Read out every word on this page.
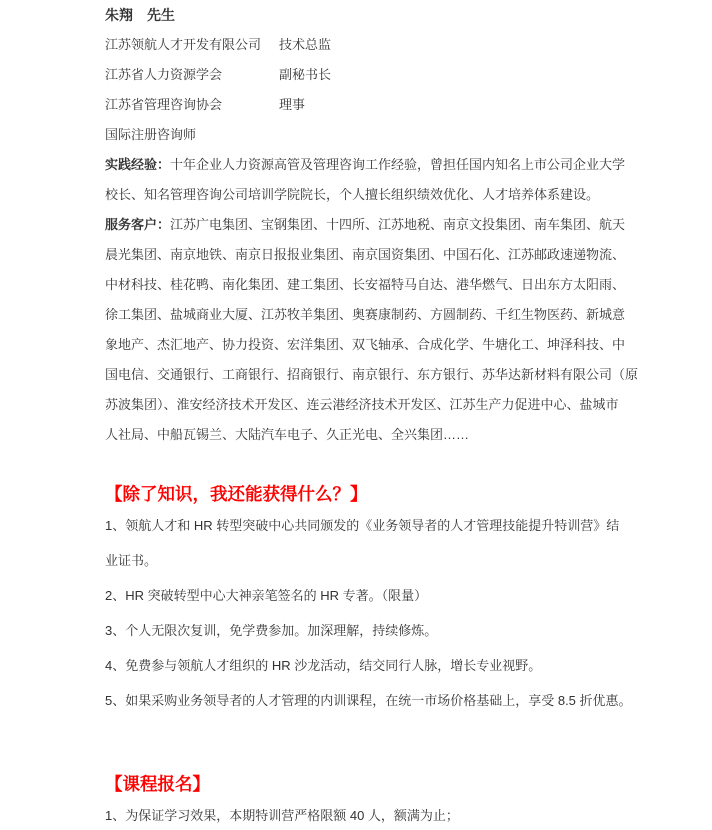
朱翔　先生
江苏领航人才开发有限公司 技术总监
江苏省人力资源学会	副秘书长
江苏省管理咨询协会	理事
国际注册咨询师
实践经验：十年企业人力资源高管及管理咨询工作经验，曾担任国内知名上市公司企业大学
校长、知名管理咨询公司培训学院院长，个人擅长组织绩效优化、人才培养体系建设。
服务客户：江苏广电集团、宝钢集团、十四所、江苏地税、南京文投集团、南车集团、航天
晨光集团、南京地铁、南京日报报业集团、南京国资集团、中国石化、江苏邮政速递物流、
中材科技、桂花鸭、南化集团、建工集团、长安福特马自达、港华燃气、日出东方太阳雨、
徐工集团、盐城商业大厦、江苏牧羊集团、奥赛康制药、方圆制药、千红生物医药、新城意
象地产、杰汇地产、协力投资、宏洋集团、双飞轴承、合成化学、牛塘化工、坤泽科技、中
国电信、交通银行、工商银行、招商银行、南京银行、东方银行、苏华达新材料有限公司（原
苏波集团）、淮安经济技术开发区、连云港经济技术开发区、江苏生产力促进中心、盐城市
人社局、中船瓦锡兰、大陆汽车电子、久正光电、全兴集团……
【除了知识，我还能获得什么？】
1、领航人才和 HR 转型突破中心共同颁发的《业务领导者的人才管理技能提升特训营》结
业证书。
2、HR 突破转型中心大神亲笔签名的 HR 专著。（限量）
3、个人无限次复训，免学费参加。加深理解，持续修炼。
4、免费参与领航人才组织的 HR 沙龙活动，结交同行人脉，增长专业视野。
5、如果采购业务领导者的人才管理的内训课程，在统一市场价格基础上，享受 8.5 折优惠。
【课程报名】
1、为保证学习效果，本期特训营严格限额 40 人，额满为止；
